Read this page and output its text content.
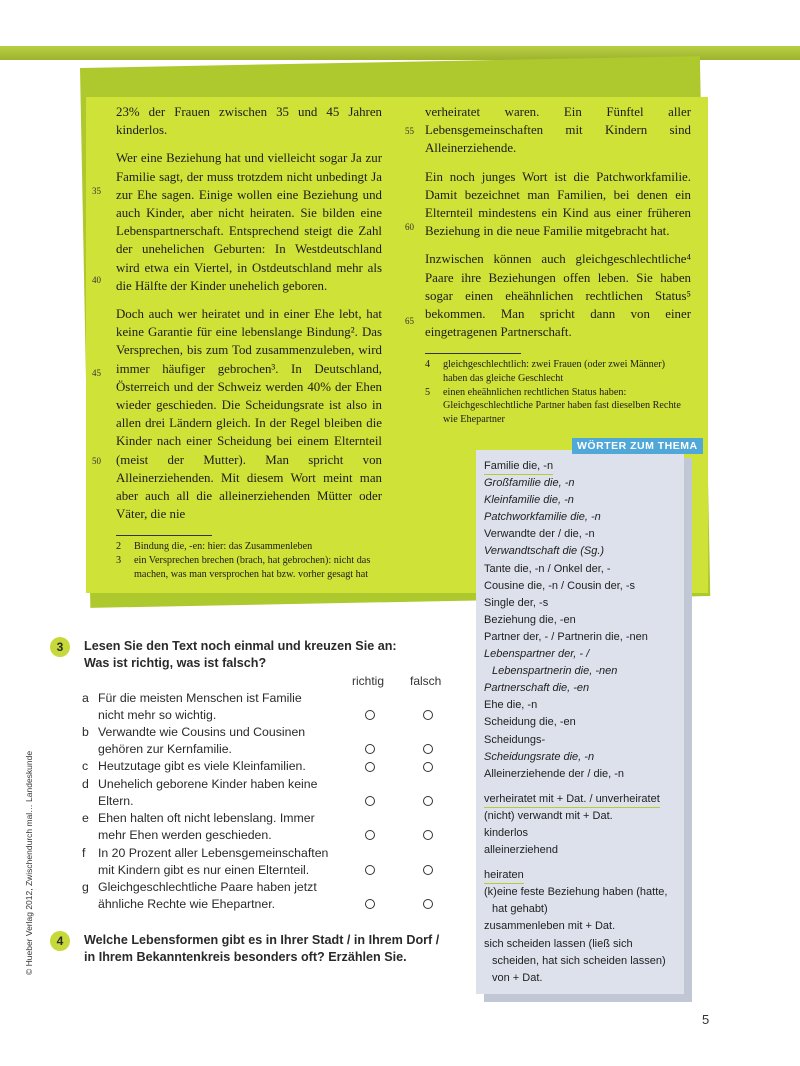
23% der Frauen zwischen 35 und 45 Jahren kinderlos.

Wer eine Beziehung hat und vielleicht sogar Ja zur Familie sagt, der muss trotzdem nicht unbedingt Ja zur Ehe sagen. Einige wollen eine Beziehung und auch Kinder, aber nicht heiraten. Sie bilden eine Lebenspartnerschaft. Entsprechend steigt die Zahl der unehelichen Geburten: In Westdeutschland wird etwa ein Viertel, in Ostdeutschland mehr als die Hälfte der Kinder unehelich geboren.

Doch auch wer heiratet und in einer Ehe lebt, hat keine Garantie für eine lebenslange Bindung². Das Versprechen, bis zum Tod zusammenzuleben, wird immer häufiger gebrochen³. In Deutschland, Österreich und der Schweiz werden 40% der Ehen wieder geschieden. Die Scheidungsrate ist also in allen drei Ländern gleich. In der Regel bleiben die Kinder nach einer Scheidung bei einem Elternteil (meist der Mutter). Man spricht von Alleinerziehenden. Mit diesem Wort meint man aber auch all die alleinerziehenden Mütter oder Väter, die nie

2	Bindung die, -en: hier: das Zusammenleben
3	ein Versprechen brechen (brach, hat gebrochen): nicht das machen, was man versprochen hat bzw. vorher gesagt hat

verheiratet waren. Ein Fünftel aller Lebensgemeinschaften mit Kindern sind Alleinerziehende.

Ein noch junges Wort ist die Patchworkfamilie. Damit bezeichnet man Familien, bei denen ein Elternteil mindestens ein Kind aus einer früheren Beziehung in die neue Familie mitgebracht hat.

Inzwischen können auch gleichgeschlechtliche⁴ Paare ihre Beziehungen offen leben. Sie haben sogar einen eheähnlichen rechtlichen Status⁵ bekommen. Man spricht dann von einer eingetragenen Partnerschaft.

4	gleichgeschlechtlich: zwei Frauen (oder zwei Männer) haben das gleiche Geschlecht
5	einen eheähnlichen rechtlichen Status haben: Gleichgeschlechtliche Partner haben fast dieselben Rechte wie Ehepartner
35
40
45
50
55
60
65
WÖRTER ZUM THEMA
Familie die, -n
Großfamilie die, -n
Kleinfamilie die, -n
Patchworkfamilie die, -n
Verwandte der / die, -n
Verwandtschaft die (Sg.)
Tante die, -n / Onkel der, -
Cousine die, -n / Cousin der, -s
Single der, -s
Beziehung die, -en
Partner der, - / Partnerin die, -nen
Lebenspartner der, - /
Lebenspartnerin die, -nen
Partnerschaft die, -en
Ehe die, -n
Scheidung die, -en
Scheidungs-
Scheidungsrate die, -n
Alleinerziehende der / die, -n
verheiratet mit + Dat. / unverheiratet
(nicht) verwandt mit + Dat.
kinderlos
alleinerziehend
heiraten
(k)eine feste Beziehung haben (hatte,
hat gehabt)
zusammenleben mit + Dat.
sich scheiden lassen (ließ sich
scheiden, hat sich scheiden lassen)
von + Dat.
3	Lesen Sie den Text noch einmal und kreuzen Sie an:
Was ist richtig, was ist falsch?
richtig falsch
a Für die meisten Menschen ist Familie
nicht mehr so wichtig.
b Verwandte wie Cousins und Cousinen
gehören zur Kernfamilie.
c Heutzutage gibt es viele Kleinfamilien.
d Unehelich geborene Kinder haben keine
Eltern.
e Ehen halten oft nicht lebenslang. Immer
mehr Ehen werden geschieden.
f In 20 Prozent aller Lebensgemeinschaften
mit Kindern gibt es nur einen Elternteil.
g Gleichgeschlechtliche Paare haben jetzt
ähnliche Rechte wie Ehepartner.
4	Welche Lebensformen gibt es in Ihrer Stadt / in Ihrem Dorf /
in Ihrem Bekanntenkreis besonders oft? Erzählen Sie.
© Hueber Verlag 2012, Zwischendurch mal… Landeskunde
5
